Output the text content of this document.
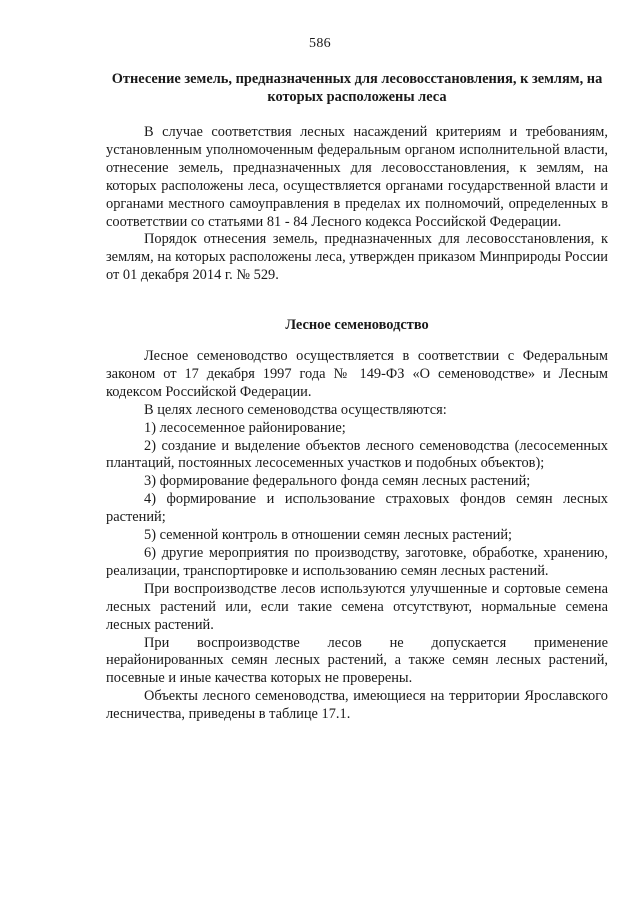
586
Отнесение земель, предназначенных для лесовосстановления, к землям, на которых расположены леса

В случае соответствия лесных насаждений критериям и требованиям, установленным уполномоченным федеральным органом исполнительной власти, отнесение земель, предназначенных для лесовосстановления, к землям, на которых расположены леса, осуществляется органами государственной власти и органами местного самоуправления в пределах их полномочий, определенных в соответствии со статьями 81 - 84 Лесного кодекса Российской Федерации.

Порядок отнесения земель, предназначенных для лесовосстановления, к землям, на которых расположены леса, утвержден приказом Минприроды России от 01 декабря 2014 г. № 529.

Лесное семеноводство

Лесное семеноводство осуществляется в соответствии с Федеральным законом от 17 декабря 1997 года № 149-ФЗ «О семеноводстве» и Лесным кодексом Российской Федерации.

В целях лесного семеноводства осуществляются:

1) лесосеменное районирование;

2) создание и выделение объектов лесного семеноводства (лесосеменных плантаций, постоянных лесосеменных участков и подобных объектов);

3) формирование федерального фонда семян лесных растений;

4) формирование и использование страховых фондов семян лесных растений;

5) семенной контроль в отношении семян лесных растений;

6) другие мероприятия по производству, заготовке, обработке, хранению, реализации, транспортировке и использованию семян лесных растений.

При воспроизводстве лесов используются улучшенные и сортовые семена лесных растений или, если такие семена отсутствуют, нормальные семена лесных растений.

При воспроизводстве лесов не допускается применение нерайонированных семян лесных растений, а также семян лесных растений, посевные и иные качества которых не проверены.

Объекты лесного семеноводства, имеющиеся на территории Ярославского лесничества, приведены в таблице 17.1.
